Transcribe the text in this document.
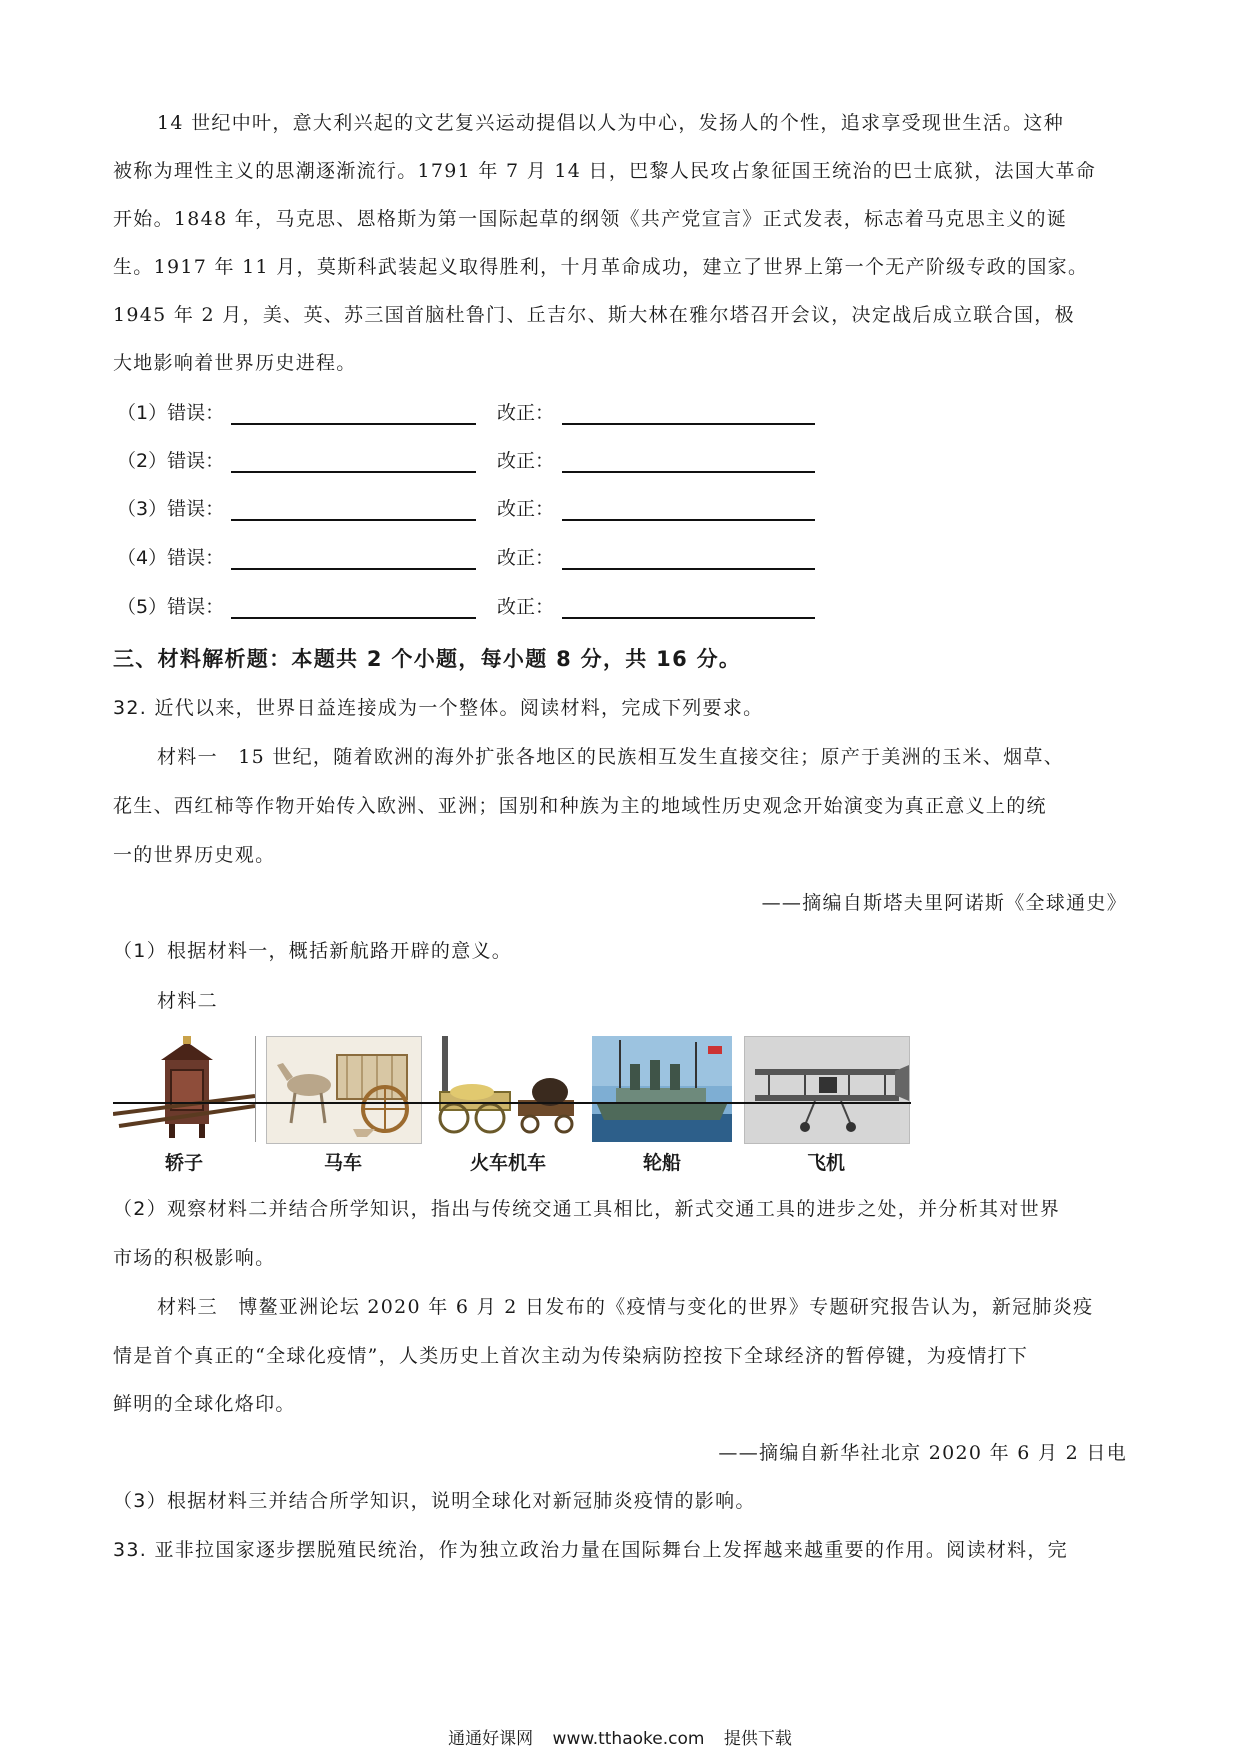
14 世纪中叶，意大利兴起的文艺复兴运动提倡以人为中心，发扬人的个性，追求享受现世生活。这种
被称为理性主义的思潮逐渐流行。1791 年 7 月 14 日，巴黎人民攻占象征国王统治的巴士底狱，法国大革命
开始。1848 年，马克思、恩格斯为第一国际起草的纲领《共产党宣言》正式发表，标志着马克思主义的诞
生。1917 年 11 月，莫斯科武装起义取得胜利，十月革命成功，建立了世界上第一个无产阶级专政的国家。
1945 年 2 月，美、英、苏三国首脑杜鲁门、丘吉尔、斯大林在雅尔塔召开会议，决定战后成立联合国，极
大地影响着世界历史进程。
（1）错误：	改正：
（2）错误：	改正：
（3）错误：	改正：
（4）错误：	改正：
（5）错误：	改正：
三、材料解析题：本题共 2 个小题，每小题 8 分，共 16 分。
32. 近代以来，世界日益连接成为一个整体。阅读材料，完成下列要求。
材料一　15 世纪，随着欧洲的海外扩张各地区的民族相互发生直接交往；原产于美洲的玉米、烟草、
花生、西红柿等作物开始传入欧洲、亚洲；国别和种族为主的地域性历史观念开始演变为真正意义上的统
一的世界历史观。
——摘编自斯塔夫里阿诺斯《全球通史》
（1）根据材料一，概括新航路开辟的意义。
材料二
轿子	马车	火车机车	轮船	飞机
（2）观察材料二并结合所学知识，指出与传统交通工具相比，新式交通工具的进步之处，并分析其对世界
市场的积极影响。
材料三　博鳌亚洲论坛 2020 年 6 月 2 日发布的《疫情与变化的世界》专题研究报告认为，新冠肺炎疫
情是首个真正的“全球化疫情”，人类历史上首次主动为传染病防控按下全球经济的暂停键，为疫情打下
鲜明的全球化烙印。
——摘编自新华社北京 2020 年 6 月 2 日电
（3）根据材料三并结合所学知识，说明全球化对新冠肺炎疫情的影响。
33. 亚非拉国家逐步摆脱殖民统治，作为独立政治力量在国际舞台上发挥越来越重要的作用。阅读材料，完
通通好课网 www.tthaoke.com 提供下载
